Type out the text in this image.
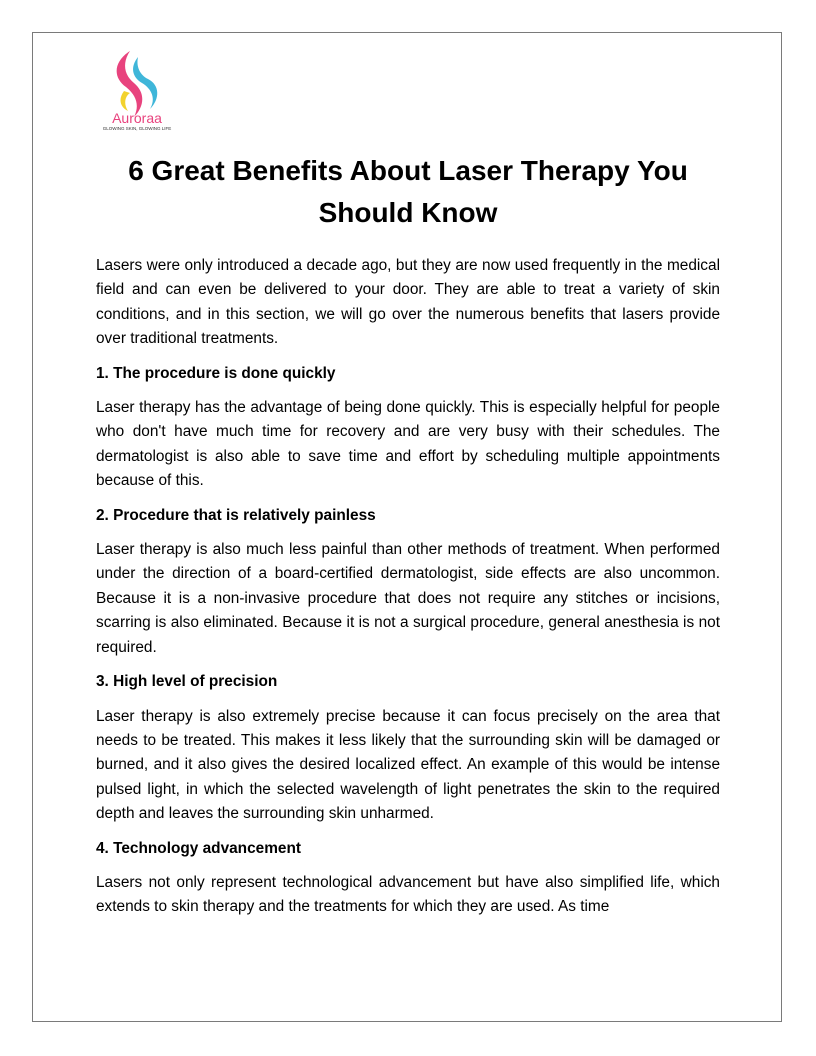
Auroraa
GLOWING SKIN, GLOWING LIFE
6 Great Benefits About Laser Therapy You Should Know

Lasers were only introduced a decade ago, but they are now used frequently in the medical field and can even be delivered to your door. They are able to treat a variety of skin conditions, and in this section, we will go over the numerous benefits that lasers provide over traditional treatments.

1. The procedure is done quickly

Laser therapy has the advantage of being done quickly. This is especially helpful for people who don't have much time for recovery and are very busy with their schedules. The dermatologist is also able to save time and effort by scheduling multiple appointments because of this.

2. Procedure that is relatively painless

Laser therapy is also much less painful than other methods of treatment. When performed under the direction of a board-certified dermatologist, side effects are also uncommon. Because it is a non-invasive procedure that does not require any stitches or incisions, scarring is also eliminated. Because it is not a surgical procedure, general anesthesia is not required.

3. High level of precision

Laser therapy is also extremely precise because it can focus precisely on the area that needs to be treated. This makes it less likely that the surrounding skin will be damaged or burned, and it also gives the desired localized effect. An example of this would be intense pulsed light, in which the selected wavelength of light penetrates the skin to the required depth and leaves the surrounding skin unharmed.

4. Technology advancement

Lasers not only represent technological advancement but have also simplified life, which extends to skin therapy and the treatments for which they are used. As time
